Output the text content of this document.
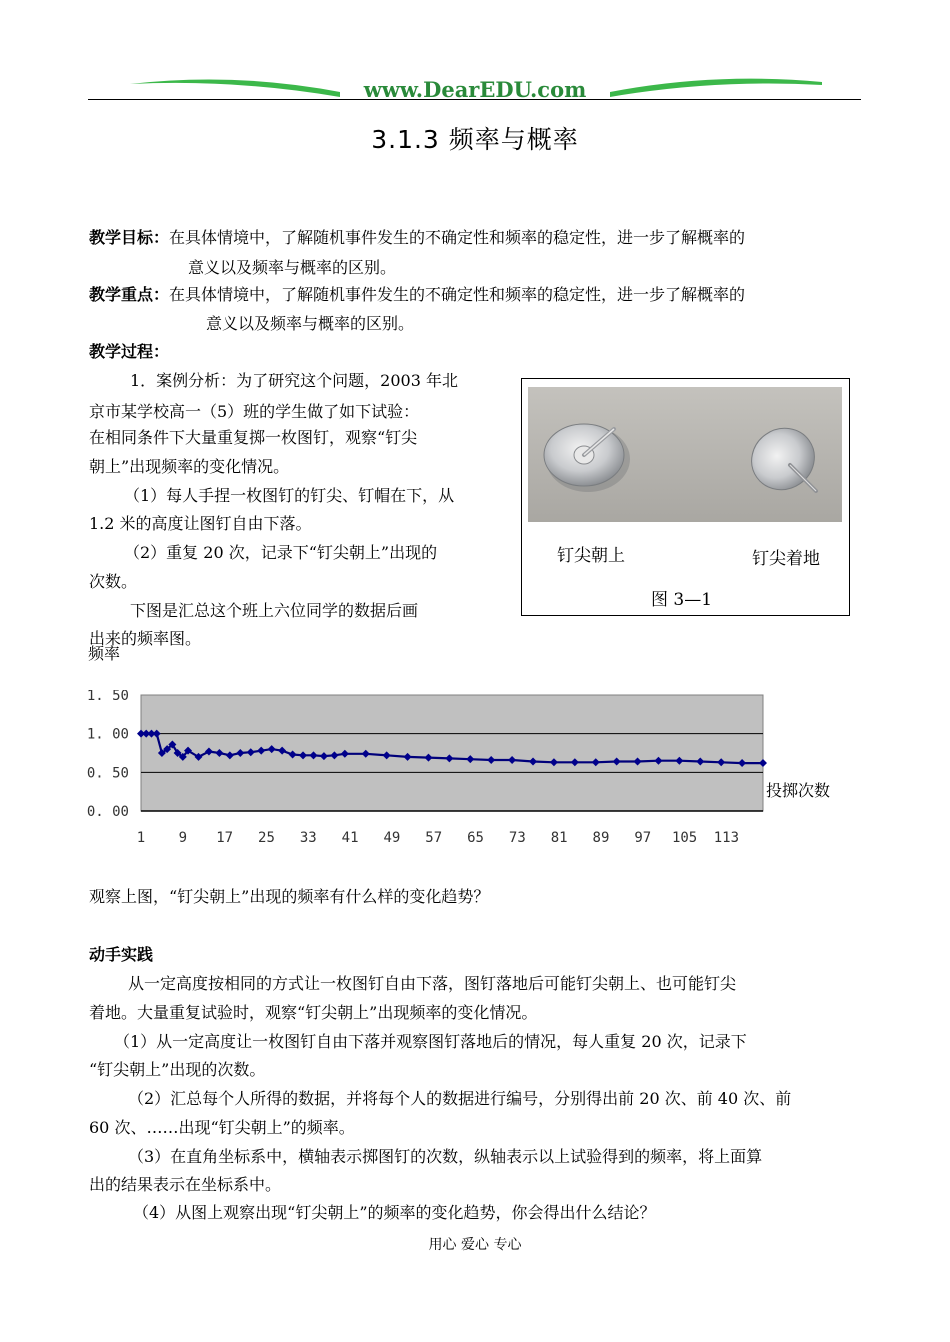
www.DearEDU.com
3.1.3 频率与概率
教学目标：在具体情境中，了解随机事件发生的不确定性和频率的稳定性，进一步了解概率的
意义以及频率与概率的区别。
教学重点：在具体情境中，了解随机事件发生的不确定性和频率的稳定性，进一步了解概率的
意义以及频率与概率的区别。
教学过程：
1．案例分析：为了研究这个问题，2003 年北
京市某学校高一（5）班的学生做了如下试验：
在相同条件下大量重复掷一枚图钉，观察“钉尖
朝上”出现频率的变化情况。
（1）每人手捏一枚图钉的钉尖、钉帽在下，从
1.2 米的高度让图钉自由下落。
（2）重复 20 次，记录下“钉尖朝上”出现的
次数。
下图是汇总这个班上六位同学的数据后画
出来的频率图。
钉尖朝上	钉尖着地
图 3—1
频率
1. 50
1. 00
0. 50
0. 00
1 9 17 25 33 41 49 57 65 73 81 89 97 105 113
投掷次数
观察上图，“钉尖朝上”出现的频率有什么样的变化趋势？
动手实践
从一定高度按相同的方式让一枚图钉自由下落，图钉落地后可能钉尖朝上、也可能钉尖
着地。大量重复试验时，观察“钉尖朝上”出现频率的变化情况。
（1）从一定高度让一枚图钉自由下落并观察图钉落地后的情况，每人重复 20 次，记录下
“钉尖朝上”出现的次数。
（2）汇总每个人所得的数据，并将每个人的数据进行编号，分别得出前 20 次、前 40 次、前
60 次、……出现“钉尖朝上”的频率。
（3）在直角坐标系中，横轴表示掷图钉的次数，纵轴表示以上试验得到的频率，将上面算
出的结果表示在坐标系中。
（4）从图上观察出现“钉尖朝上”的频率的变化趋势，你会得出什么结论？
用心 爱心 专心
